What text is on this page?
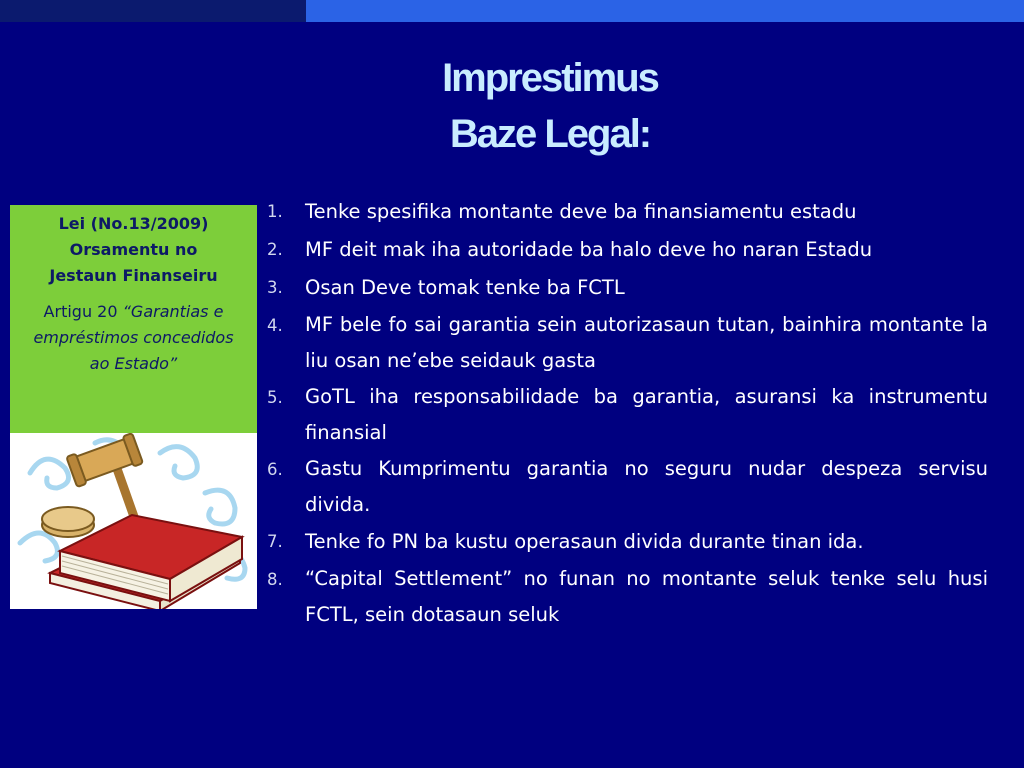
Imprestimus
Baze Legal:
Lei (No.13/2009)
Orsamentu no
Jestaun Finanseiru
Artigu 20 “Garantias e empréstimos concedidos ao Estado”
1.	Tenke spesifika montante deve ba finansiamentu estadu
2.	MF deit mak iha autoridade ba halo deve ho naran Estadu
3.	Osan Deve tomak tenke ba FCTL
4.	MF bele fo sai garantia sein autorizasaun tutan, bainhira montante la liu osan ne’ebe seidauk gasta
5.	GoTL iha responsabilidade ba garantia, asuransi ka instrumentu finansial
6.	Gastu Kumprimentu garantia no seguru nudar despeza servisu divida.
7.	Tenke fo PN ba kustu operasaun divida durante tinan ida.
8.	“Capital Settlement” no funan no montante seluk tenke selu husi FCTL, sein dotasaun seluk
